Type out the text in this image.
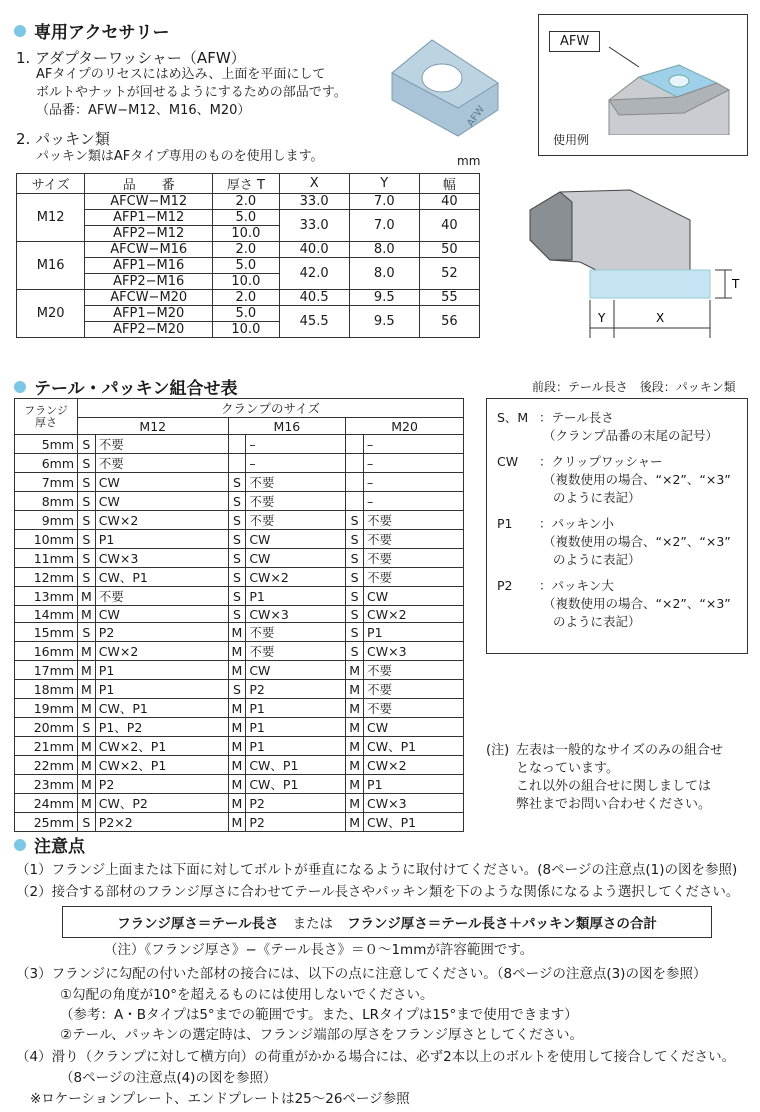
専用アクセサリー
1. アダプターワッシャー（AFW）
AFタイプのリセスにはめ込み、上面を平面にして
ボルトやナットが回せるようにするための部品です。
（品番：AFW−M12、M16、M20）	AFW
AFW
使用例
2. パッキン類
パッキン類はAFタイプ専用のものを使用します。	mm
サイズ	品　　番	厚さ T	X	Y	幅
M12	AFCW−M12	2.0	33.0	7.0	40
	AFP1−M12	5.0	33.0	7.0	40
	AFP2−M12	10.0			
M16	AFCW−M16	2.0	40.0	8.0	50
	AFP1−M16	5.0	42.0	8.0	52
	AFP2−M16	10.0			
M20	AFCW−M20	2.0	40.5	9.5	55
	AFP1−M20	5.0	45.5	9.5	56
	AFP2−M20	10.0			
T
Y	X
テール・パッキン組合せ表	前段：テール長さ　後段：パッキン類
フランジ
厚さ	クランプのサイズ					
	M12		M16		M20	
5mm	S	不要		–		–
6mm	S	不要		–		–
7mm	S	CW	S	不要		–
8mm	S	CW	S	不要		–
9mm	S	CW×2	S	不要	S	不要
10mm	S	P1	S	CW	S	不要
11mm	S	CW×3	S	CW	S	不要
12mm	S	CW、P1	S	CW×2	S	不要
13mm	M	不要	S	P1	S	CW
14mm	M	CW	S	CW×3	S	CW×2
15mm	S	P2	M	不要	S	P1
16mm	M	CW×2	M	不要	S	CW×3
17mm	M	P1	M	CW	M	不要
18mm	M	P1	S	P2	M	不要
19mm	M	CW、P1	M	P1	M	不要
20mm	S	P1、P2	M	P1	M	CW
21mm	M	CW×2、P1	M	P1	M	CW、P1
22mm	M	CW×2、P1	M	CW、P1	M	CW×2
23mm	M	P2	M	CW、P1	M	P1
24mm	M	CW、P2	M	P2	M	CW×3
25mm	S	P2×2	M	P2	M	CW、P1
S、M ：テール長さ
（クランプ品番の末尾の記号）
CW	：クリップワッシャー
（複数使用の場合、“×2”、“×3”
のように表記）
P1	：パッキン小
（複数使用の場合、“×2”、“×3”
のように表記）
P2	：パッキン大
（複数使用の場合、“×2”、“×3”
のように表記）
(注) 左表は一般的なサイズのみの組合せ
となっています。
これ以外の組合せに関しましては
弊社までお問い合わせください。
注意点
（1）フランジ上面または下面に対してボルトが垂直になるように取付けてください。(8ページの注意点(1)の図を参照)
（2）接合する部材のフランジ厚さに合わせてテール長さやパッキン類を下のような関係になるよう選択してください。
フランジ厚さ＝テール長さ または フランジ厚さ＝テール長さ＋パッキン類厚さの合計
（注）《フランジ厚さ》−《テール長さ》＝０〜1mmが許容範囲です。
（3）フランジに勾配の付いた部材の接合には、以下の点に注意してください。（8ページの注意点(3)の図を参照）
①勾配の角度が10°を超えるものには使用しないでください。
（参考：A・Bタイプは5°までの範囲です。また、LRタイプは15°まで使用できます）
②テール、パッキンの選定時は、フランジ端部の厚さをフランジ厚さとしてください。
（4）滑り（クランプに対して横方向）の荷重がかかる場合には、必ず2本以上のボルトを使用して接合してください。
（8ページの注意点(4)の図を参照）
※ロケーションプレート、エンドプレートは25〜26ページ参照
